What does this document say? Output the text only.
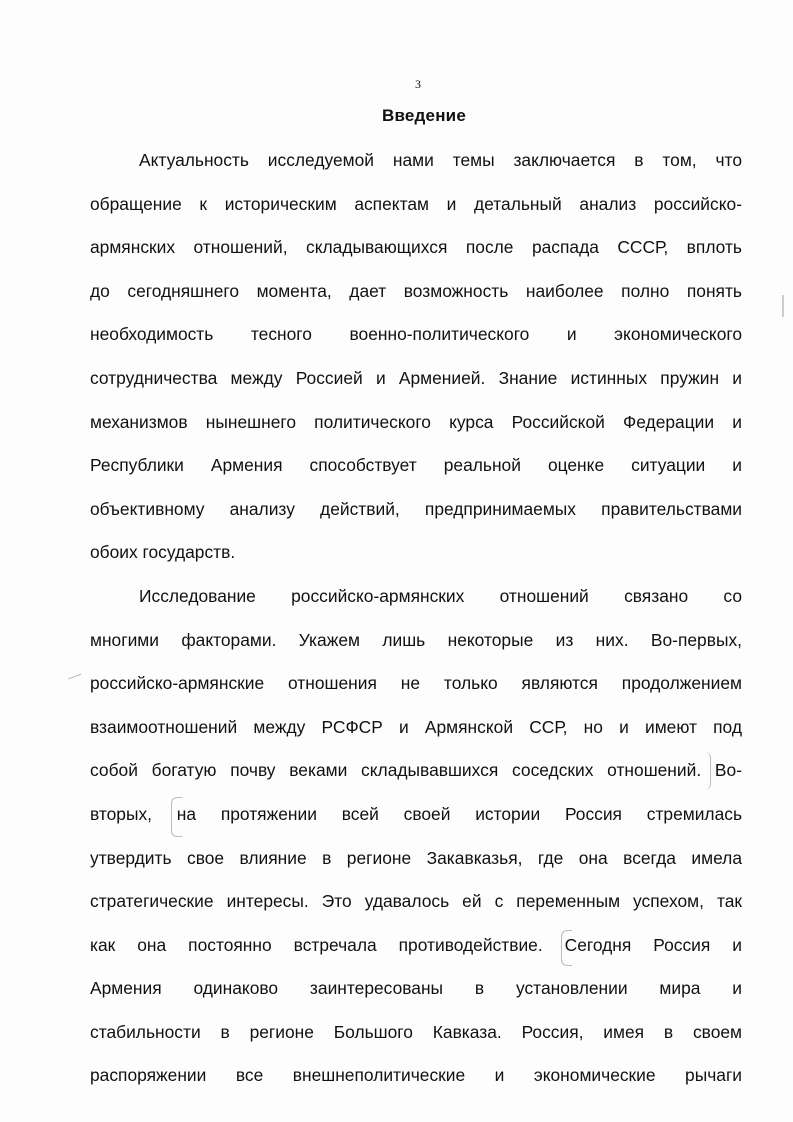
3
Введение
Актуальность исследуемой нами темы заключается в том, что
обращение к историческим аспектам и детальный анализ российско-
армянских отношений, складывающихся после распада СССР, вплоть
до сегодняшнего момента, дает возможность наиболее полно понять
необходимость тесного военно-политического и экономического
сотрудничества между Россией и Арменией. Знание истинных пружин и
механизмов нынешнего политического курса Российской Федерации и
Республики Армения способствует реальной оценке ситуации и
объективному анализу действий, предпринимаемых правительствами
обоих государств.
Исследование российско-армянских отношений связано со
многими факторами. Укажем лишь некоторые из них. Во-первых,
российско-армянские отношения не только являются продолжением
взаимоотношений между РСФСР и Армянской ССР, но и имеют под
собой богатую почву веками складывавшихся соседских отношений. Во-
вторых, на протяжении всей своей истории Россия стремилась
утвердить свое влияние в регионе Закавказья, где она всегда имела
стратегические интересы. Это удавалось ей с переменным успехом, так
как она постоянно встречала противодействие. Сегодня Россия и
Армения одинаково заинтересованы в установлении мира и
стабильности в регионе Большого Кавказа. Россия, имея в своем
распоряжении все внешнеполитические и экономические рычаги
